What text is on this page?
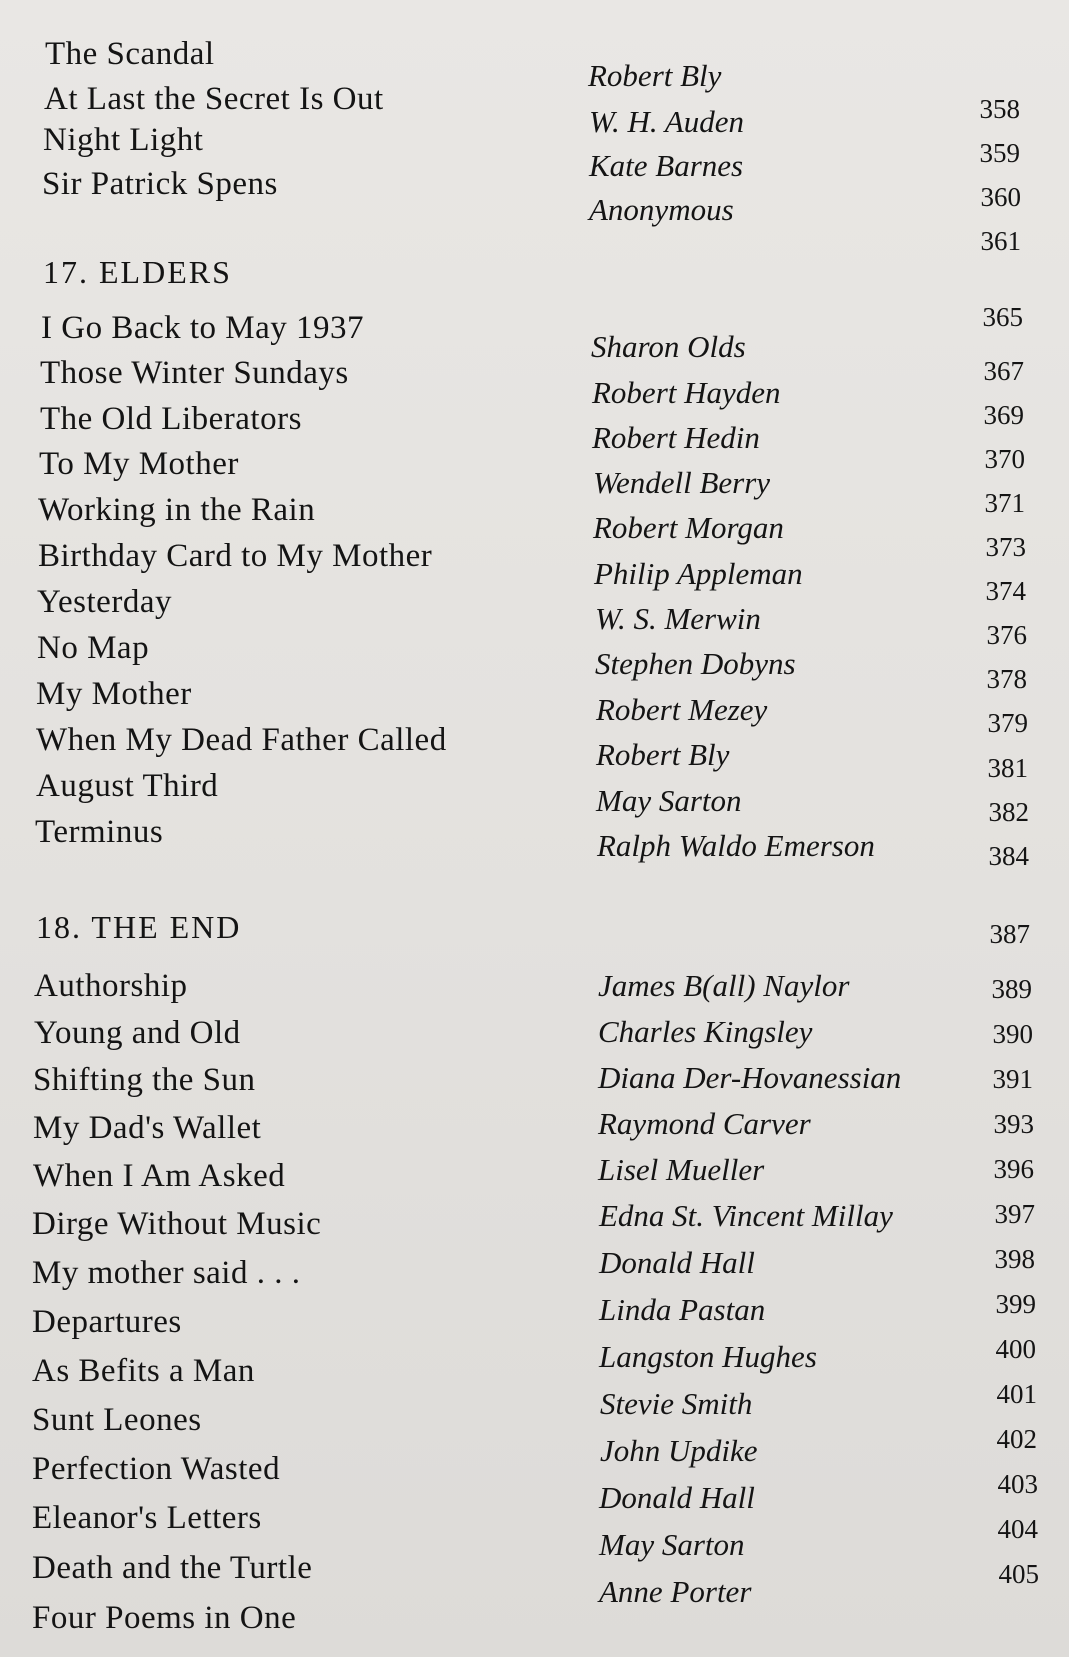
The Scandal
At Last the Secret Is Out
Night Light
Sir Patrick Spens
Robert Bly
W. H. Auden
Kate Barnes
Anonymous
358
359
360
361
17. ELDERS
365
I Go Back to May 1937
Those Winter Sundays
The Old Liberators
To My Mother
Working in the Rain
Birthday Card to My Mother
Yesterday
No Map
My Mother
When My Dead Father Called
August Third
Terminus
Sharon Olds
Robert Hayden
Robert Hedin
Wendell Berry
Robert Morgan
Philip Appleman
W. S. Merwin
Stephen Dobyns
Robert Mezey
Robert Bly
May Sarton
Ralph Waldo Emerson
367
369
370
371
373
374
376
378
379
381
382
384
18. THE END	387
Authorship
Young and Old
Shifting the Sun
My Dad's Wallet
When I Am Asked
Dirge Without Music
My mother said . . .
Departures
As Befits a Man
Sunt Leones
Perfection Wasted
Eleanor's Letters
Death and the Turtle
Four Poems in One
James B(all) Naylor
Charles Kingsley
Diana Der-Hovanessian
Raymond Carver
Lisel Mueller
Edna St. Vincent Millay
Donald Hall
Linda Pastan
Langston Hughes
Stevie Smith
John Updike
Donald Hall
May Sarton
Anne Porter
389
390
391
393
396
397
398
399
400
401
402
403
404
405
